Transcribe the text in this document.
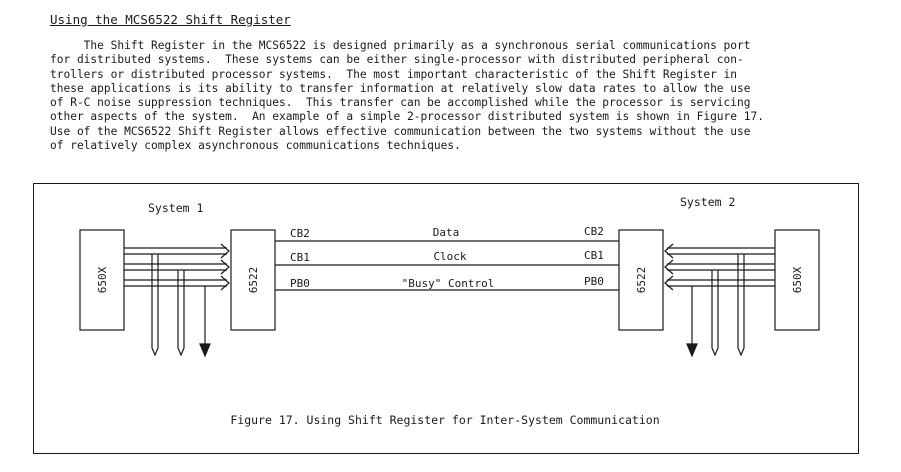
Using the MCS6522 Shift Register
The Shift Register in the MCS6522 is designed primarily as a synchronous serial communications port
for distributed systems.  These systems can be either single-processor with distributed peripheral con-
trollers or distributed processor systems.  The most important characteristic of the Shift Register in
these applications is its ability to transfer information at relatively slow data rates to allow the use
of R-C noise suppression techniques.  This transfer can be accomplished while the processor is servicing
other aspects of the system.  An example of a simple 2-processor distributed system is shown in Figure 17.
Use of the MCS6522 Shift Register allows effective communication between the two systems without the use
of relatively complex asynchronous communications techniques.
System 1	System 2
650X	6522	6522	650X
CB2
CB1
PB0
CB2
CB1
PB0
Data
Clock
"Busy" Control
Figure 17. Using Shift Register for Inter-System Communication
